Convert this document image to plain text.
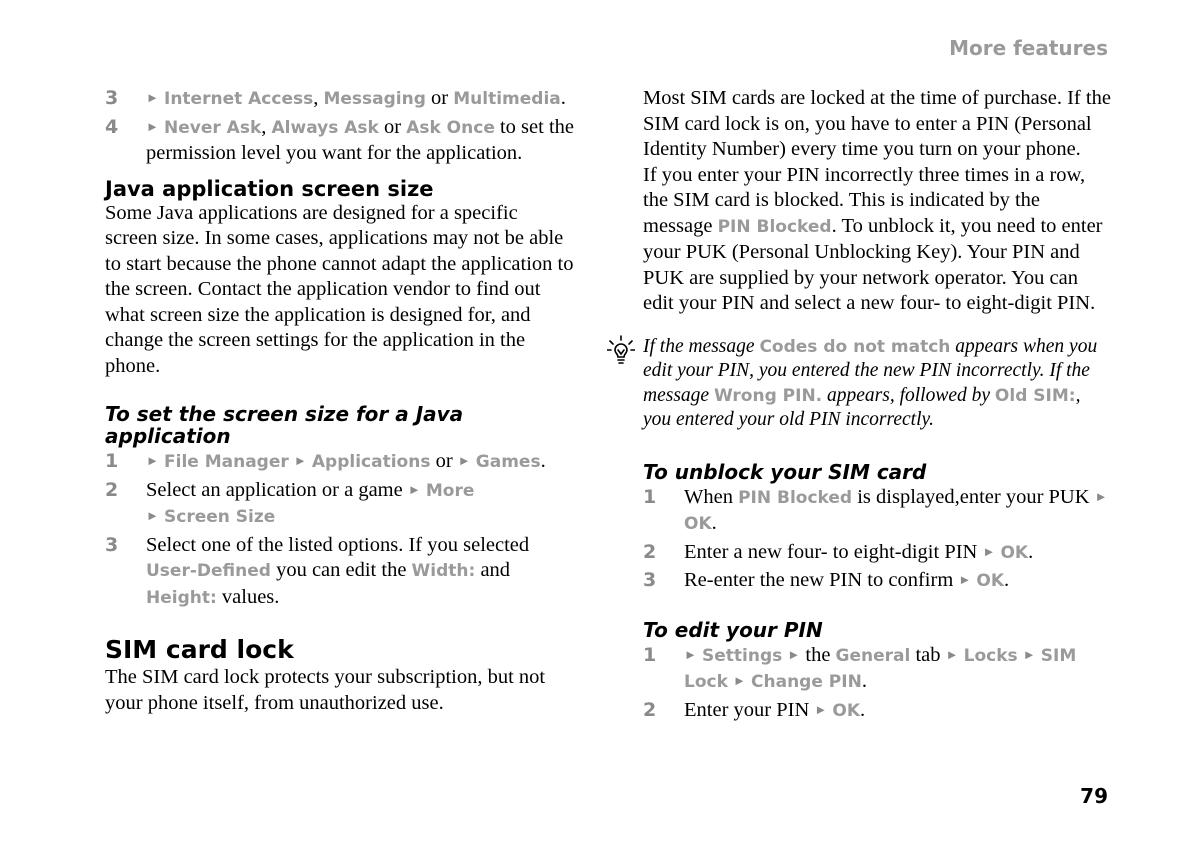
More features
3 ► Internet Access, Messaging or Multimedia.
4 ► Never Ask, Always Ask or Ask Once to set the permission level you want for the application.
Java application screen size

Some Java applications are designed for a specific screen size. In some cases, applications may not be able to start because the phone cannot adapt the application to the screen. Contact the application vendor to find out what screen size the application is designed for, and change the screen settings for the application in the phone.

To set the screen size for a Java application
1 ► File Manager ► Applications or ► Games.
2 Select an application or a game ► More
► Screen Size
3 Select one of the listed options. If you selected User-Defined you can edit the Width: and Height: values.
SIM card lock

The SIM card lock protects your subscription, but not your phone itself, from unauthorized use.

Most SIM cards are locked at the time of purchase. If the SIM card lock is on, you have to enter a PIN (Personal Identity Number) every time you turn on your phone.

If you enter your PIN incorrectly three times in a row, the SIM card is blocked. This is indicated by the message PIN Blocked. To unblock it, you need to enter your PUK (Personal Unblocking Key). Your PIN and PUK are supplied by your network operator. You can edit your PIN and select a new four- to eight-digit PIN.

If the message Codes do not match appears when you edit your PIN, you entered the new PIN incorrectly. If the message Wrong PIN. appears, followed by Old SIM:, you entered your old PIN incorrectly.
To unblock your SIM card
1 When PIN Blocked is displayed,enter your PUK ► OK.
2 Enter a new four- to eight-digit PIN ► OK.
3 Re-enter the new PIN to confirm ► OK.
To edit your PIN
1 ► Settings ► the General tab ► Locks ► SIM Lock ► Change PIN.
2 Enter your PIN ► OK.
79
